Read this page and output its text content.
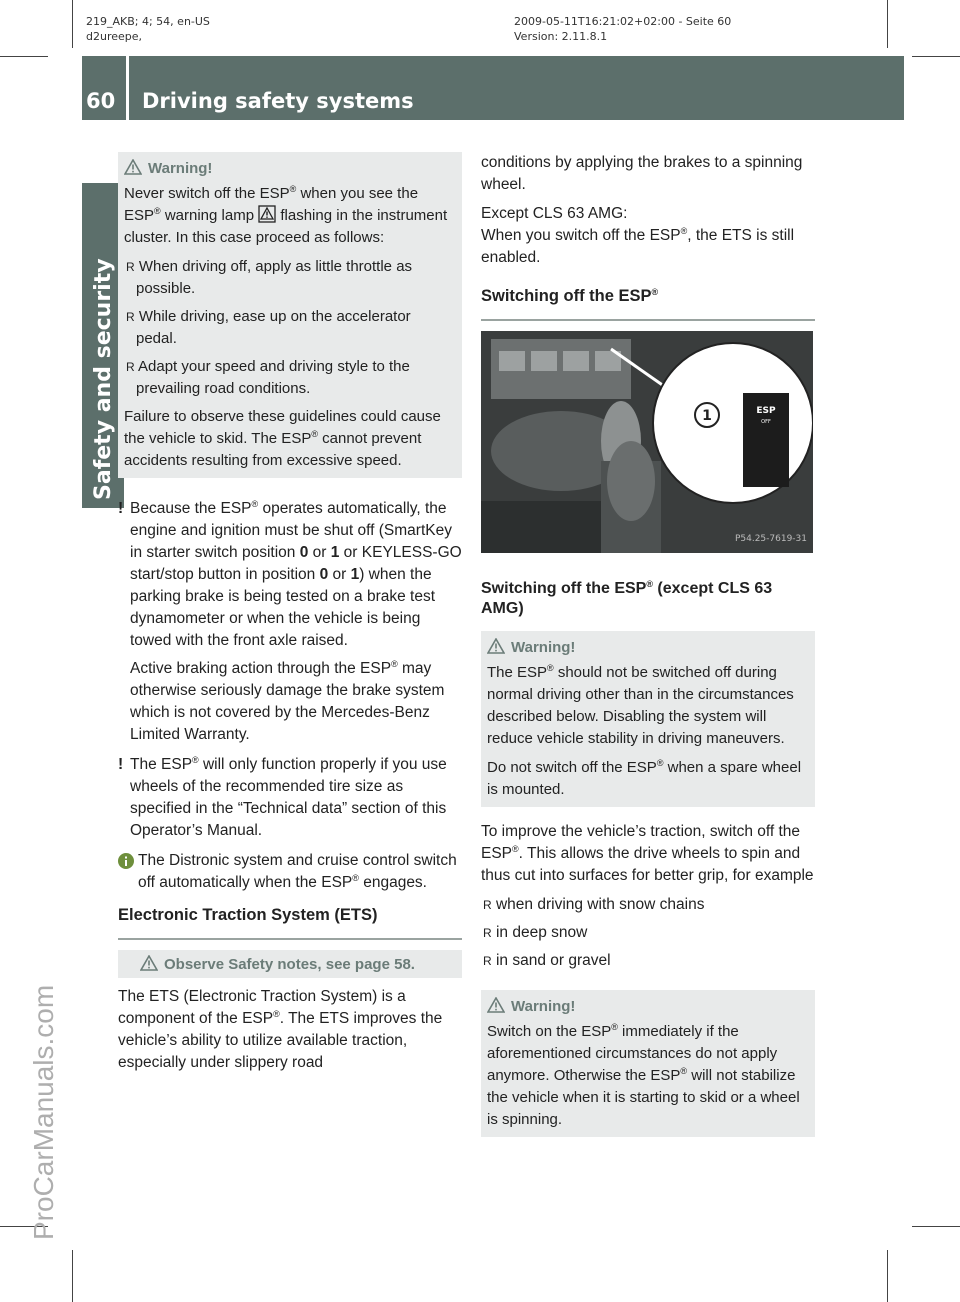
219_AKB; 4; 54, en-US
d2ureepe,
2009-05-11T16:21:02+02:00 - Seite 60
Version: 2.11.8.1
60 Driving safety systems
Safety and security
ProCarManuals.com
Warning!

Never switch off the ESP® when you see the ESP® warning lamp  flashing in the instrument cluster. In this case proceed as follows:

R When driving off, apply as little throttle as possible.

R While driving, ease up on the accelerator pedal.

R Adapt your speed and driving style to the prevailing road conditions.

Failure to observe these guidelines could cause the vehicle to skid. The ESP® cannot prevent accidents resulting from excessive speed.

! Because the ESP® operates automatically, the engine and ignition must be shut off (SmartKey in starter switch position 0 or 1 or KEYLESS-GO start/stop button in position 0 or 1) when the parking brake is being tested on a brake test dynamometer or when the vehicle is being towed with the front axle raised.

Active braking action through the ESP® may otherwise seriously damage the brake system which is not covered by the Mercedes-Benz Limited Warranty.

! The ESP® will only function properly if you use wheels of the recommended tire size as specified in the “Technical data” section of this Operator’s Manual.

The Distronic system and cruise control switch off automatically when the ESP® engages.

Electronic Traction System (ETS)
Observe Safety notes, see page 58.

The ETS (Electronic Traction System) is a component of the ESP®. The ETS improves the vehicle’s ability to utilize available traction, especially under slippery road

conditions by applying the brakes to a spinning wheel.

Except CLS 63 AMG:

When you switch off the ESP®, the ETS is still enabled.

Switching off the ESP®
1	ESP
OFF
P54.25-7619-31
Switching off the ESP® (except CLS 63 AMG)
Warning!

The ESP® should not be switched off during normal driving other than in the circumstances described below. Disabling the system will reduce vehicle stability in driving maneuvers.

Do not switch off the ESP® when a spare wheel is mounted.

To improve the vehicle’s traction, switch off the ESP®. This allows the drive wheels to spin and thus cut into surfaces for better grip, for example

R when driving with snow chains

R in deep snow

R in sand or gravel

Warning!

Switch on the ESP® immediately if the aforementioned circumstances do not apply anymore. Otherwise the ESP® will not stabilize the vehicle when it is starting to skid or a wheel is spinning.
